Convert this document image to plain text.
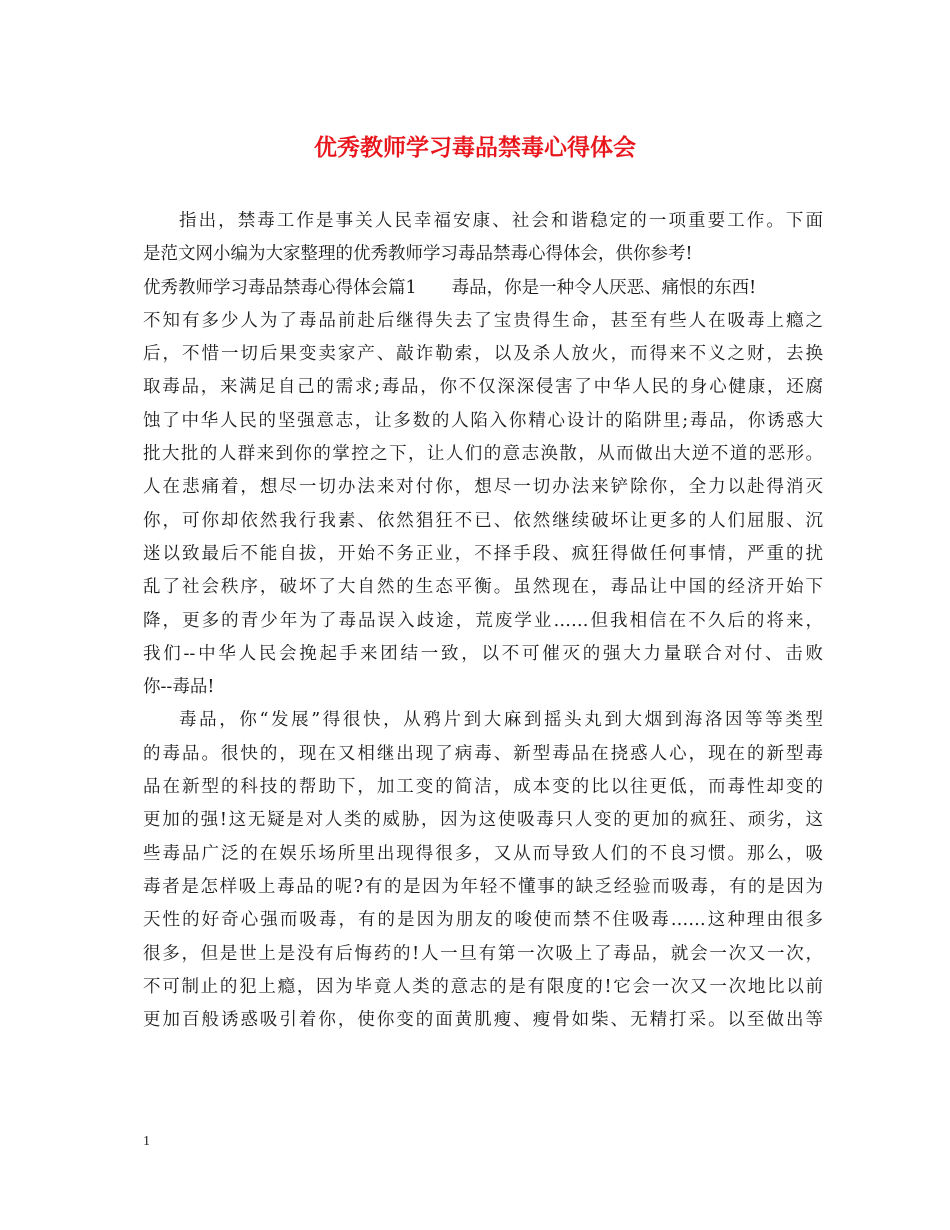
优秀教师学习毒品禁毒心得体会
指出，禁毒工作是事关人民幸福安康、社会和谐稳定的一项重要工作。下面
是范文网小编为大家整理的优秀教师学习毒品禁毒心得体会，供你参考!
优秀教师学习毒品禁毒心得体会篇1　　毒品，你是一种令人厌恶、痛恨的东西!
不知有多少人为了毒品前赴后继得失去了宝贵得生命，甚至有些人在吸毒上瘾之
后，不惜一切后果变卖家产、敲诈勒索，以及杀人放火，而得来不义之财，去换
取毒品，来满足自己的需求;毒品，你不仅深深侵害了中华人民的身心健康，还腐
蚀了中华人民的坚强意志，让多数的人陷入你精心设计的陷阱里;毒品，你诱惑大
批大批的人群来到你的掌控之下，让人们的意志涣散，从而做出大逆不道的恶形。
人在悲痛着，想尽一切办法来对付你，想尽一切办法来铲除你，全力以赴得消灭
你，可你却依然我行我素、依然猖狂不已、依然继续破坏让更多的人们屈服、沉
迷以致最后不能自拔，开始不务正业，不择手段、疯狂得做任何事情，严重的扰
乱了社会秩序，破坏了大自然的生态平衡。虽然现在，毒品让中国的经济开始下
降，更多的青少年为了毒品误入歧途，荒废学业……但我相信在不久后的将来，
我们--中华人民会挽起手来团结一致，以不可催灭的强大力量联合对付、击败
你--毒品!
毒品，你“发展”得很快，从鸦片到大麻到摇头丸到大烟到海洛因等等类型
的毒品。很快的，现在又相继出现了病毒、新型毒品在挠惑人心，现在的新型毒
品在新型的科技的帮助下，加工变的简洁，成本变的比以往更低，而毒性却变的
更加的强!这无疑是对人类的威胁，因为这使吸毒只人变的更加的疯狂、顽劣，这
些毒品广泛的在娱乐场所里出现得很多，又从而导致人们的不良习惯。那么，吸
毒者是怎样吸上毒品的呢?有的是因为年轻不懂事的缺乏经验而吸毒，有的是因为
天性的好奇心强而吸毒，有的是因为朋友的唆使而禁不住吸毒……这种理由很多
很多，但是世上是没有后悔药的!人一旦有第一次吸上了毒品，就会一次又一次，
不可制止的犯上瘾，因为毕竟人类的意志的是有限度的!它会一次又一次地比以前
更加百般诱惑吸引着你，使你变的面黄肌瘦、瘦骨如柴、无精打采。以至做出等
1
